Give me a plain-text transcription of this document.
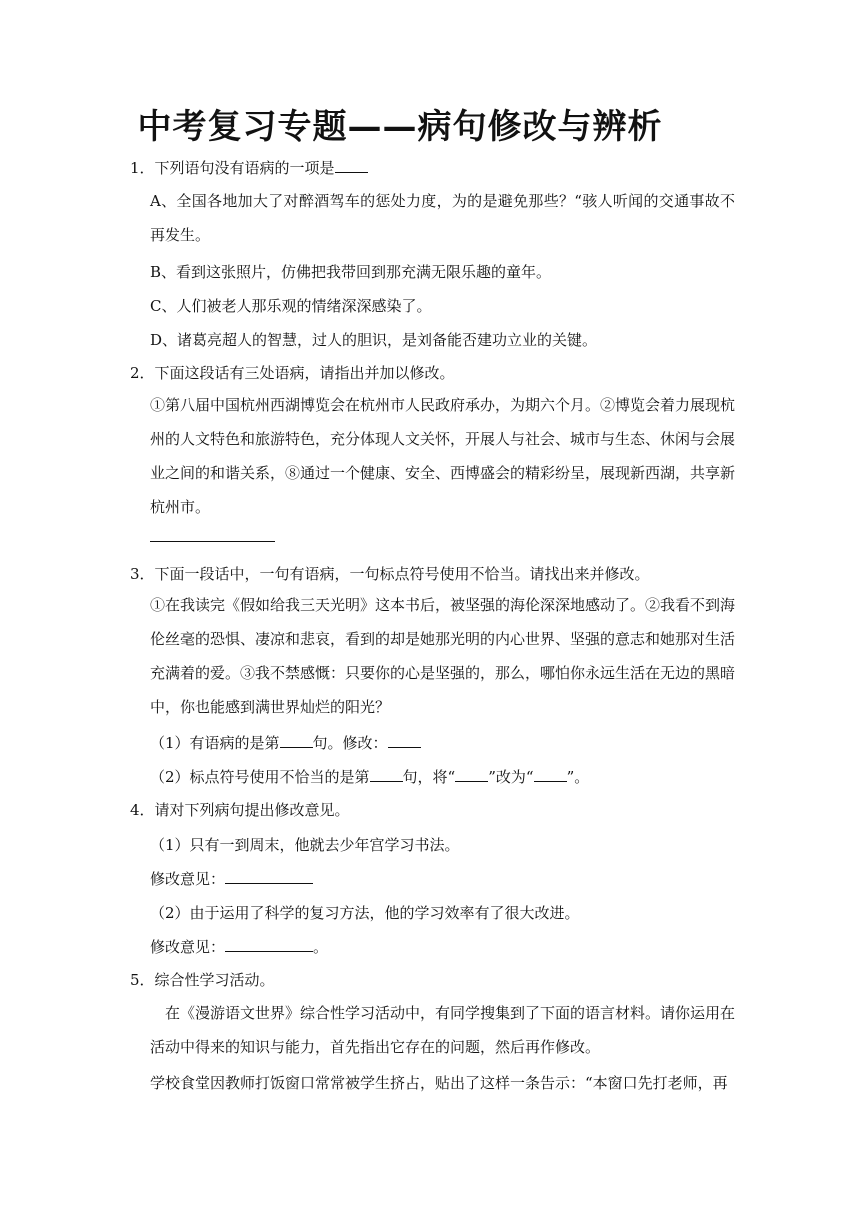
中考复习专题——病句修改与辨析
1．下列语句没有语病的一项是
A、全国各地加大了对醉酒驾车的惩处力度，为的是避免那些？“骇人听闻的交通事故不再发生。
B、看到这张照片，仿佛把我带回到那充满无限乐趣的童年。
C、人们被老人那乐观的情绪深深感染了。
D、诸葛亮超人的智慧，过人的胆识，是刘备能否建功立业的关键。
2．下面这段话有三处语病，请指出并加以修改。
①第八届中国杭州西湖博览会在杭州市人民政府承办，为期六个月。②博览会着力展现杭州的人文特色和旅游特色，充分体现人文关怀，开展人与社会、城市与生态、休闲与会展业之间的和谐关系，⑧通过一个健康、安全、西博盛会的精彩纷呈，展现新西湖，共享新杭州市。
3．下面一段话中，一句有语病，一句标点符号使用不恰当。请找出来并修改。
①在我读完《假如给我三天光明》这本书后，被坚强的海伦深深地感动了。②我看不到海伦丝毫的恐惧、凄凉和悲哀，看到的却是她那光明的内心世界、坚强的意志和她那对生活充满着的爱。③我不禁感慨：只要你的心是坚强的，那么，哪怕你永远生活在无边的黑暗中，你也能感到满世界灿烂的阳光？
（1）有语病的是第 句。修改：
（2）标点符号使用不恰当的是第 句，将“ ”改为“ ”。
4．请对下列病句提出修改意见。
（1）只有一到周末，他就去少年宫学习书法。
修改意见：
（2）由于运用了科学的复习方法，他的学习效率有了很大改进。
修改意见：	。
5．综合性学习活动。
在《漫游语文世界》综合性学习活动中，有同学搜集到了下面的语言材料。请你运用在活动中得来的知识与能力，首先指出它存在的问题，然后再作修改。
学校食堂因教师打饭窗口常常被学生挤占，贴出了这样一条告示：“本窗口先打老师，再
